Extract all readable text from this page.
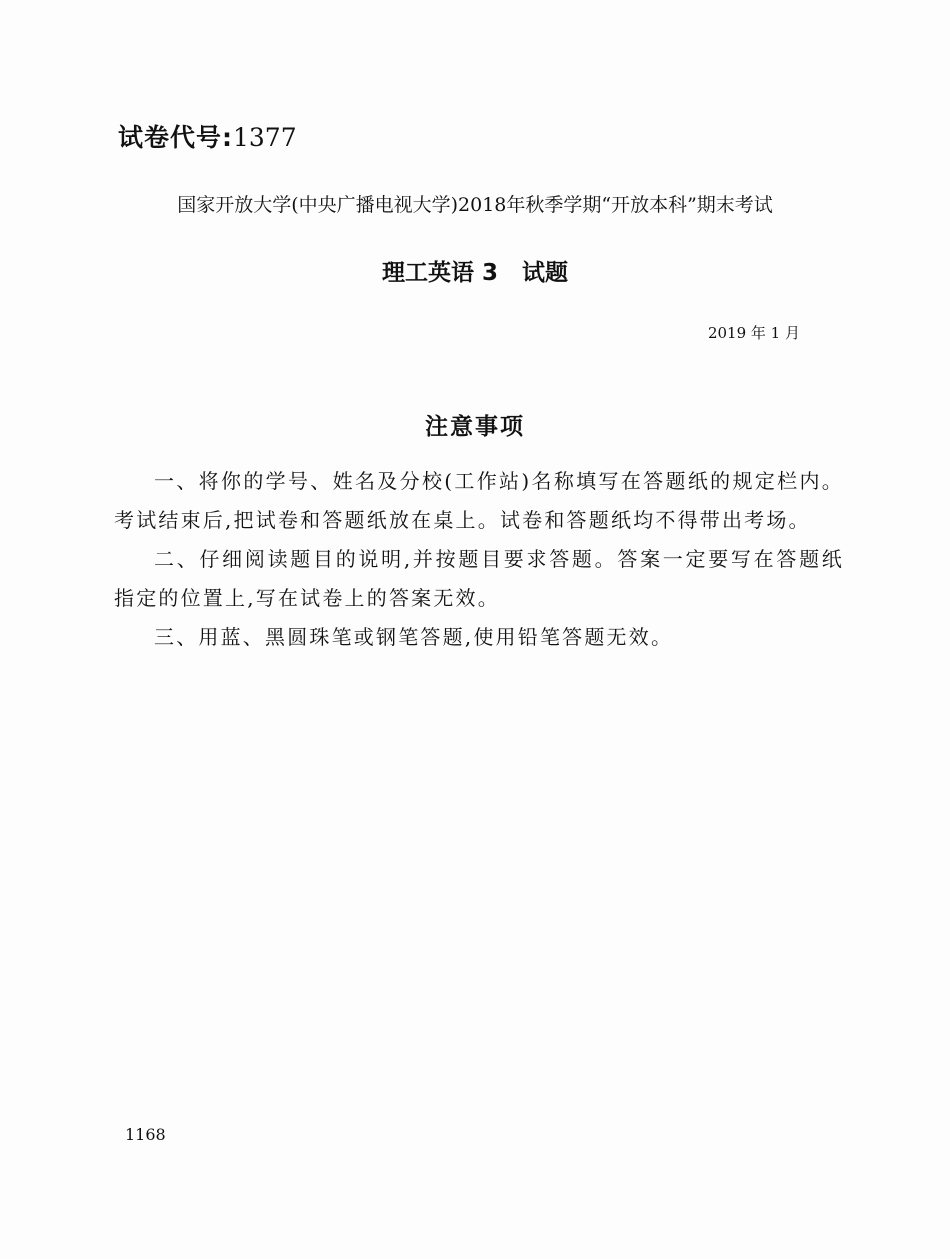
试卷代号:1377
国家开放大学(中央广播电视大学)2018年秋季学期“开放本科”期末考试
理工英语 3   试题
2019 年 1 月
注意事项

一、将你的学号、姓名及分校(工作站)名称填写在答题纸的规定栏内。考试结束后,把试卷和答题纸放在桌上。试卷和答题纸均不得带出考场。

二、仔细阅读题目的说明,并按题目要求答题。答案一定要写在答题纸指定的位置上,写在试卷上的答案无效。

三、用蓝、黑圆珠笔或钢笔答题,使用铅笔答题无效。

1168
